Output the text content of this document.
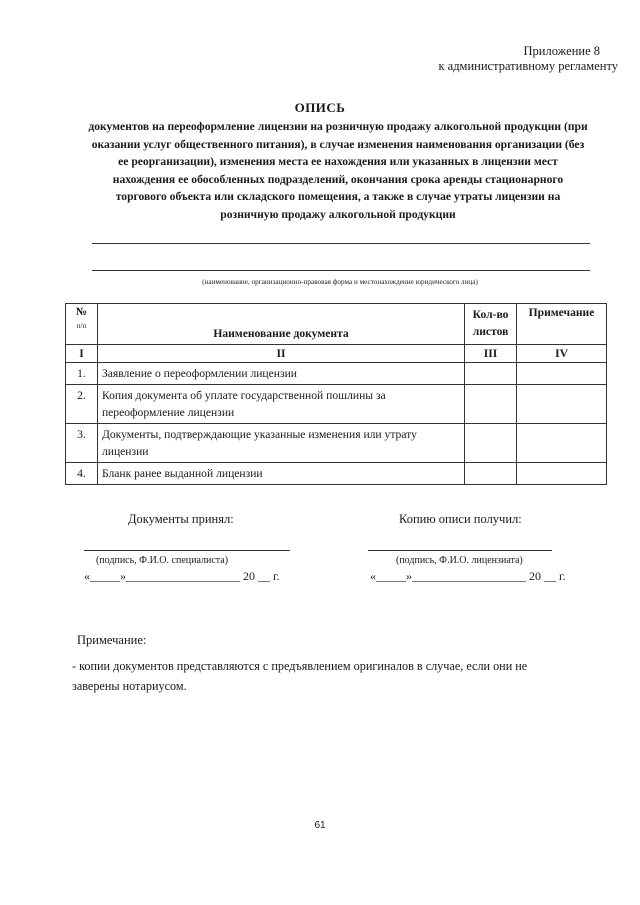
Приложение 8
к административному регламенту
ОПИСЬ
документов на переоформление лицензии на розничную продажу алкогольной продукции (при оказании услуг общественного питания), в случае изменения наименования организации (без ее реорганизации), изменения места ее нахождения или указанных в лицензии мест нахождения ее обособленных подразделений, окончания срока аренды стационарного торгового объекта или складского помещения, а также в случае утраты лицензии на розничную продажу алкогольной продукции
(наименование, организационно-правовая форма и местонахождение юридического лица)
№
п/п	Наименование документа	Кол-во листов	Примечание
I	II	III	IV
1.	Заявление о переоформлении лицензии		
2.	Копия документа об уплате государственной пошлины за переоформление лицензии		
3.	Документы, подтверждающие указанные изменения или утрату лицензии		
4.	Бланк ранее выданной лицензии		
Документы принял:
(подпись, Ф.И.О. специалиста)
«_____»___________________ 20 __ г.
Копию описи получил:
(подпись, Ф.И.О. лицензиата)
«_____»___________________ 20 __ г.
Примечание:
- копии документов представляются с предъявлением оригиналов в случае, если они не заверены нотариусом.
61
